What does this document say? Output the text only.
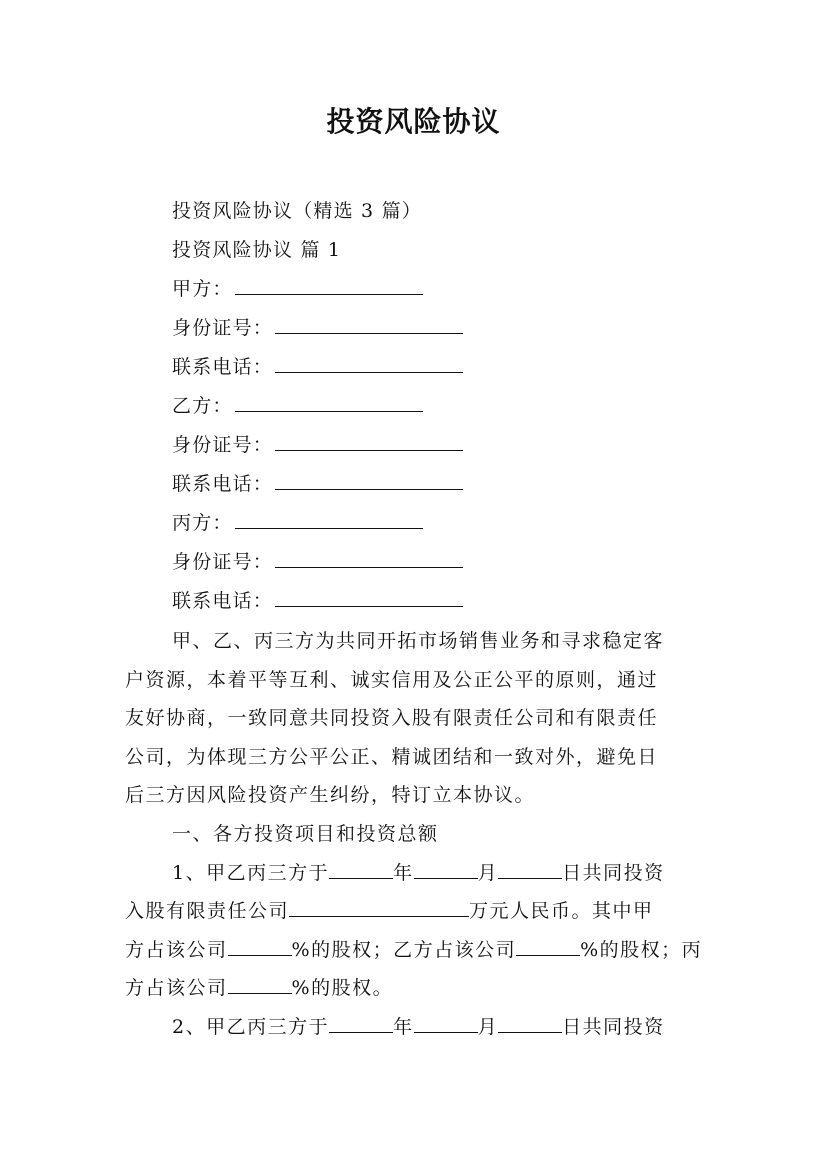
投资风险协议
投资风险协议（精选 3 篇）
投资风险协议 篇 1
甲方：
身份证号：
联系电话：
乙方：
身份证号：
联系电话：
丙方：
身份证号：
联系电话：
甲、乙、丙三方为共同开拓市场销售业务和寻求稳定客
户资源，本着平等互利、诚实信用及公正公平的原则，通过
友好协商，一致同意共同投资入股有限责任公司和有限责任
公司，为体现三方公平公正、精诚团结和一致对外，避免日
后三方因风险投资产生纠纷，特订立本协议。
一、各方投资项目和投资总额
1、甲乙丙三方于	年	月	日共同投资
入股有限责任公司	万元人民币。其中甲
方占该公司	%的股权；乙方占该公司	%的股权；丙
方占该公司	%的股权。
2、甲乙丙三方于	年	月	日共同投资
